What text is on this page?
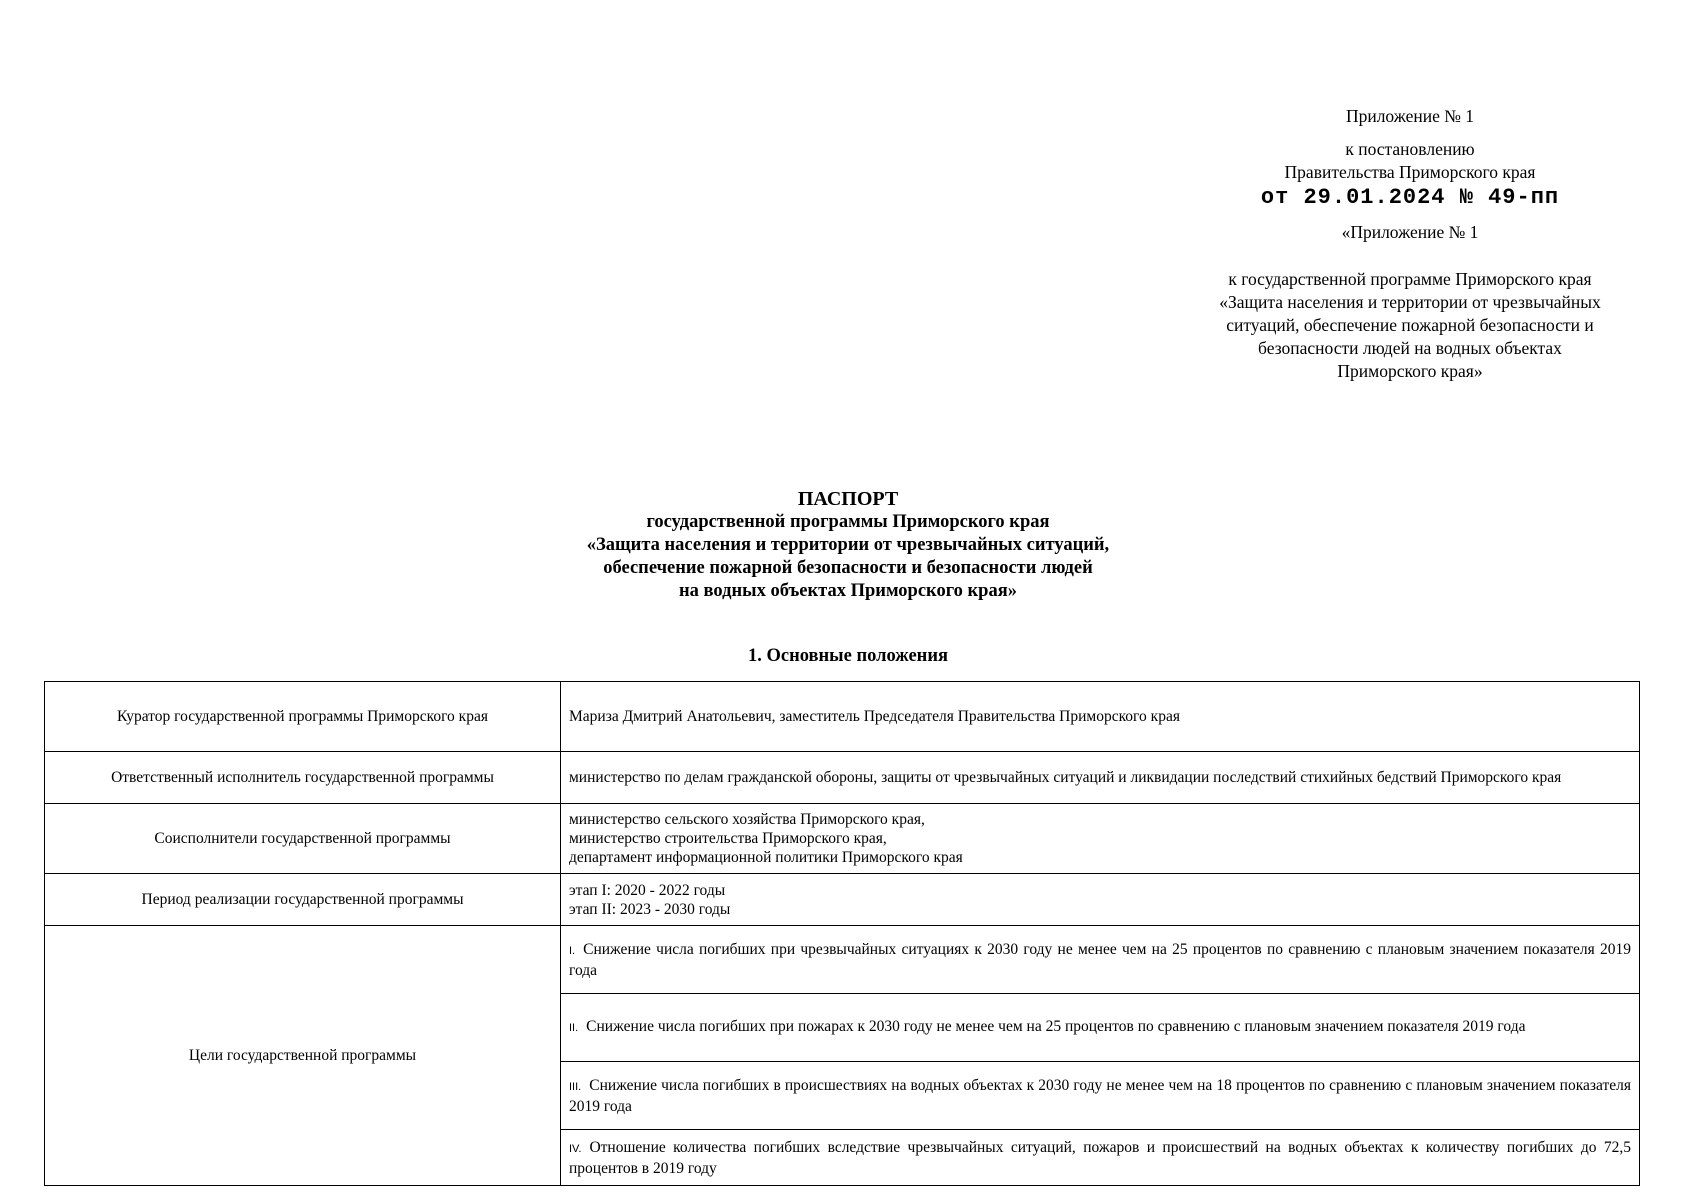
Приложение № 1
к постановлению
Правительства Приморского края
от 29.01.2024 № 49-пп
«Приложение № 1
к государственной программе Приморского края
«Защита населения и территории от чрезвычайных
ситуаций, обеспечение пожарной безопасности и
безопасности людей на водных объектах
Приморского края»
ПАСПОРТ
государственной программы Приморского края
«Защита населения и территории от чрезвычайных ситуаций,
обеспечение пожарной безопасности и безопасности людей
на водных объектах Приморского края»
1. Основные положения
Куратор государственной программы Приморского края	Мариза Дмитрий Анатольевич, заместитель Председателя Правительства Приморского края
Ответственный исполнитель государственной программы	министерство по делам гражданской обороны, защиты от чрезвычайных ситуаций и ликвидации последствий стихийных бедствий Приморского края
Соисполнители государственной программы	министерство сельского хозяйства Приморского края,
министерство строительства Приморского края,
департамент информационной политики Приморского края

Период реализации государственной программы	этап I: 2020 - 2022 годы
этап II: 2023 - 2030 годы

Цели государственной программы	I. Снижение числа погибших при чрезвычайных ситуациях к 2030 году не менее чем на 25 процентов по сравнению с плановым значением показателя 2019 года
	II. Снижение числа погибших при пожарах к 2030 году не менее чем на 25 процентов по сравнению с плановым значением показателя 2019 года
	III. Снижение числа погибших в происшествиях на водных объектах к 2030 году не менее чем на 18 процентов по сравнению с плановым значением показателя 2019 года
	IV. Отношение количества погибших вследствие чрезвычайных ситуаций, пожаров и происшествий на водных объектах к количеству погибших до 72,5 процентов в 2019 году
